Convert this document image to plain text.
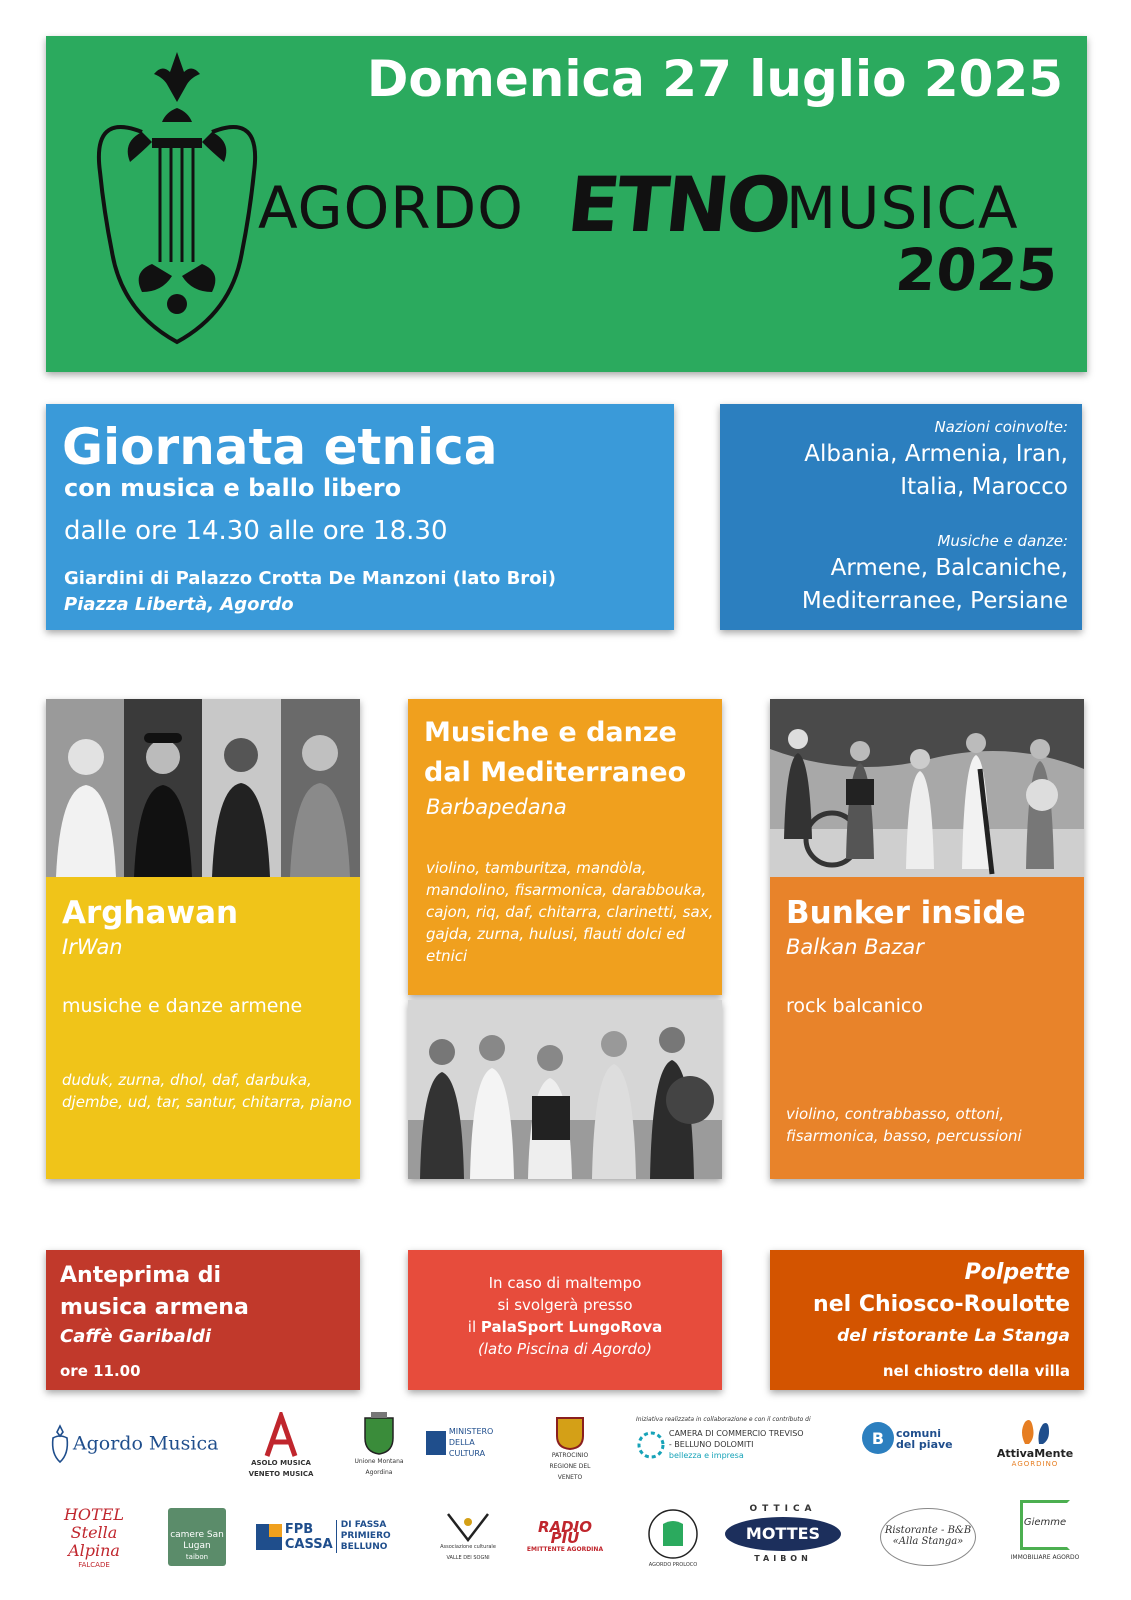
Domenica 27 luglio 2025
AGORDO ETNO
MUSICA
2025
Giornata etnica
con musica e ballo libero
dalle ore 14.30 alle ore 18.30
Giardini di Palazzo Crotta De Manzoni (lato Broi)
Piazza Libertà, Agordo
Nazioni coinvolte:
Albania, Armenia, Iran, Italia, Marocco
Musiche e danze:
Armene, Balcaniche, Mediterranee, Persiane
Arghawan
IrWan
musiche e danze armene
duduk, zurna, dhol, daf, darbuka, djembe, ud, tar, santur, chitarra, piano
Musiche e danze dal Mediterraneo
Barbapedana
violino, tamburitza, mandòla, mandolino, fisarmonica, darabbouka, cajon, riq, daf, chitarra, clarinetti, sax, gajda, zurna, hulusi, flauti dolci ed etnici
Bunker inside
Balkan Bazar
rock balcanico
violino, contrabbasso, ottoni, fisarmonica, basso, percussioni
Anteprima di
musica armena
Caffè Garibaldi
ore 11.00
In caso di maltempo
si svolgerà presso
il PalaSport LungoRova
(lato Piscina di Agordo)
Polpette
nel Chiosco-Roulotte
del ristorante La Stanga
nel chiostro della villa
Agordo Musica
ASOLO MUSICA VENETO MUSICA
Unione Montana Agordina
MINISTERO DELLA CULTURA	PATROCINIO REGIONE DEL VENETO
Iniziativa realizzata in collaborazione e con il contributo di
CAMERA DI COMMERCIO TREVISO - BELLUNO DOLOMITI
bellezza e impresa
B comuni del piave
AttivaMente
AGORDINO
HOTEL Stella Alpina
FALCADE
camere San Lugan
taibon
FPB CASSA DI FASSA PRIMIERO BELLUNO	Associazione culturale VALLE DEI SOGNI
RADIO PIÙ
EMITTENTE AGORDINA
AGORDO PROLOCO
OTTICA
MOTTES
TAIBON
Ristorante - B&B «Alla Stanga»
Giemme
IMMOBILIARE AGORDO
